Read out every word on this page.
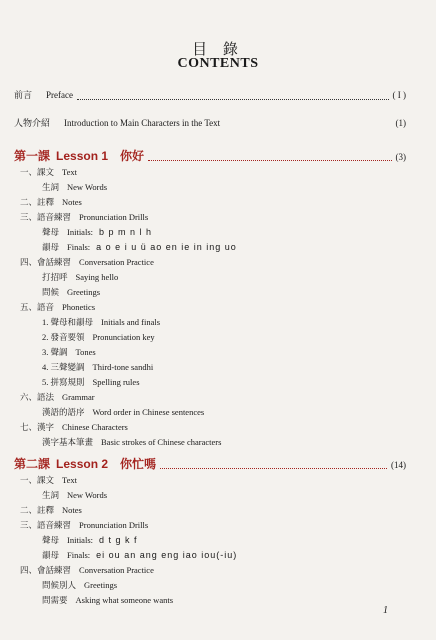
目 錄
CONTENTS
前言 Preface	( I )
人物介紹 Introduction to Main Characters in the Text	(1)
第一課 Lesson 1 你好	(3)
一、課文 Text
生詞 New Words
二、註釋 Notes
三、語音練習 Pronunciation Drills
聲母 Initials: b p m n l h
韻母 Finals: a o e i u ü ao en ie in ing uo
四、會話練習 Conversation Practice
打招呼 Saying hello
問候 Greetings
五、語音 Phonetics
1. 聲母和韻母 Initials and finals
2. 發音要領 Pronunciation key
3. 聲調 Tones
4. 三聲變調 Third-tone sandhi
5. 拼寫規則 Spelling rules
六、語法 Grammar
漢語的語序 Word order in Chinese sentences
七、漢字 Chinese Characters
漢字基本筆畫 Basic strokes of Chinese characters
第二課 Lesson 2 你忙嗎	(14)
一、課文 Text
生詞 New Words
二、註釋 Notes
三、語音練習 Pronunciation Drills
聲母 Initials: d t g k f
韻母 Finals: ei ou an ang eng iao iou(-iu)
四、會話練習 Conversation Practice
問候別人 Greetings
問需要 Asking what someone wants
1
